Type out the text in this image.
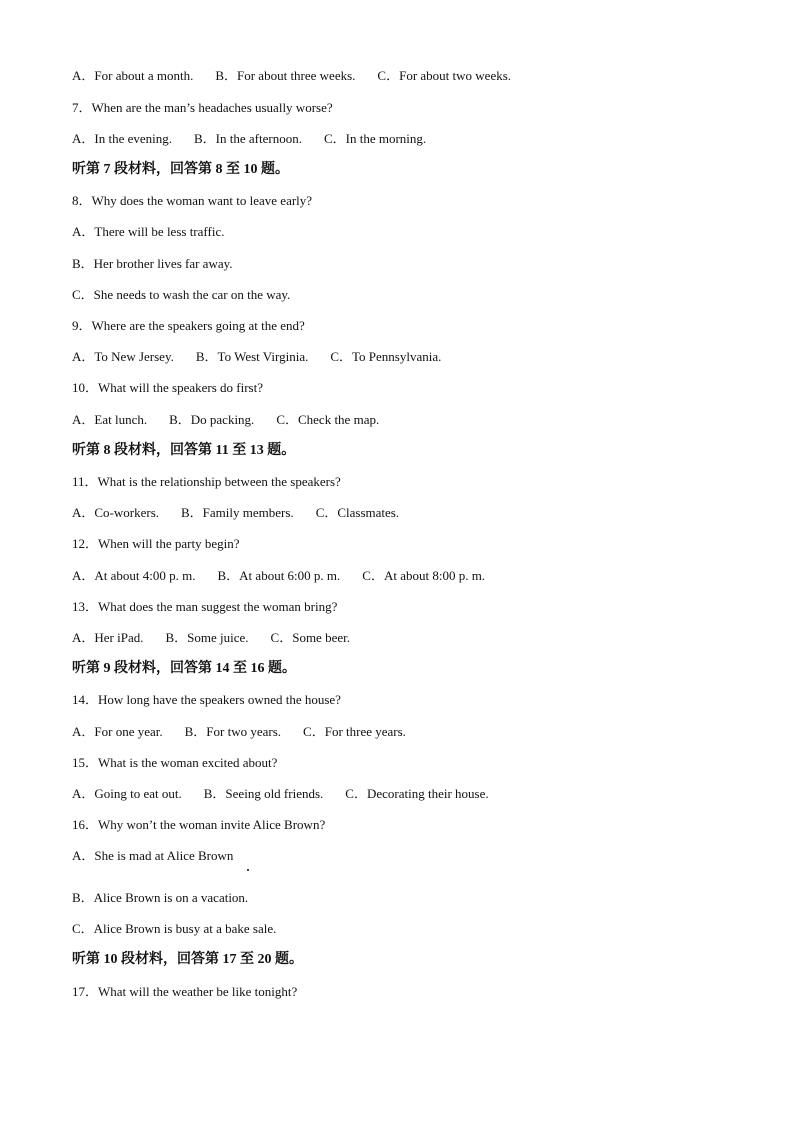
A．For about a month. B．For about three weeks. C．For about two weeks.
7．When are the man’s headaches usually worse?
A．In the evening. B．In the afternoon. C．In the morning.
听第 7 段材料，回答第 8 至 10 题。
8．Why does the woman want to leave early?
A．There will be less traffic.
B．Her brother lives far away.
C．She needs to wash the car on the way.
9．Where are the speakers going at the end?
A．To New Jersey. B．To West Virginia. C．To Pennsylvania.
10．What will the speakers do first?
A．Eat lunch. B．Do packing. C．Check the map.
听第 8 段材料，回答第 11 至 13 题。
11．What is the relationship between the speakers?
A．Co-workers. B．Family members. C．Classmates.
12．When will the party begin?
A．At about 4:00 p. m. B．At about 6:00 p. m. C．At about 8:00 p. m.
13．What does the man suggest the woman bring?
A．Her iPad. B．Some juice. C．Some beer.
听第 9 段材料，回答第 14 至 16 题。
14．How long have the speakers owned the house?
A．For one year. B．For two years. C．For three years.
15．What is the woman excited about?
A．Going to eat out. B．Seeing old friends. C．Decorating their house.
16．Why won’t the woman invite Alice Brown?
A．She is mad at Alice Brown
B．Alice Brown is on a vacation.
C．Alice Brown is busy at a bake sale.
听第 10 段材料，回答第 17 至 20 题。
17．What will the weather be like tonight?
